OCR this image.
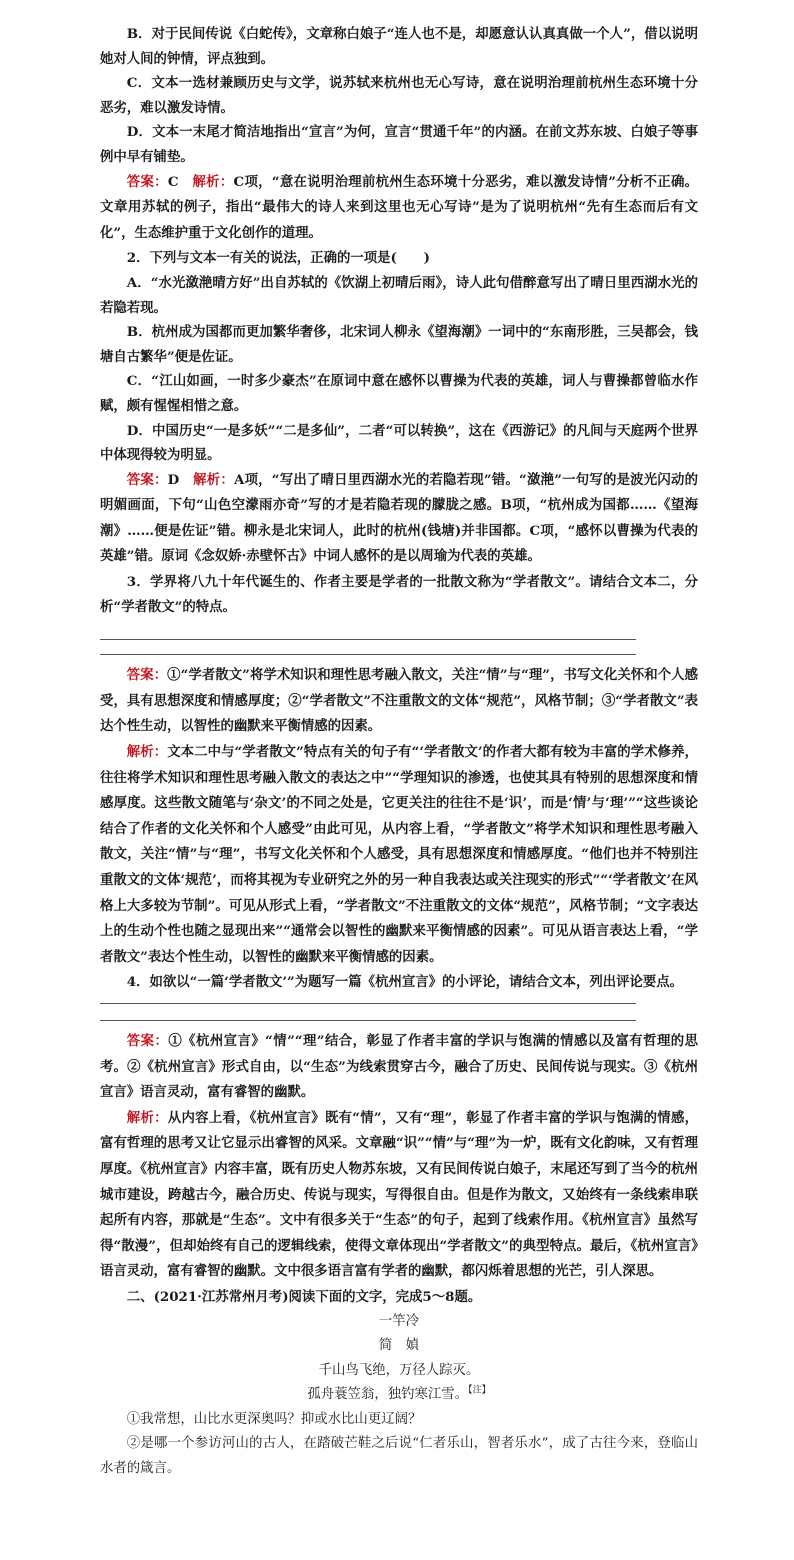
B．对于民间传说《白蛇传》，文章称白娘子“连人也不是，却愿意认认真真做一个人”，借以说明她对人间的钟情，评点独到。

C．文本一选材兼顾历史与文学，说苏轼来杭州也无心写诗，意在说明治理前杭州生态环境十分恶劣，难以激发诗情。

D．文本一末尾才简洁地指出“宣言”为何，宣言“贯通千年”的内涵。在前文苏东坡、白娘子等事例中早有铺垫。

答案：C　 解析：C项，“意在说明治理前杭州生态环境十分恶劣，难以激发诗情”分析不正确。文章用苏轼的例子，指出“最伟大的诗人来到这里也无心写诗”是为了说明杭州“先有生态而后有文化”，生态维护重于文化创作的道理。

2．下列与文本一有关的说法，正确的一项是(　　)

A．“水光潋滟晴方好”出自苏轼的《饮湖上初晴后雨》，诗人此句借醉意写出了晴日里西湖水光的若隐若现。

B．杭州成为国都而更加繁华奢侈，北宋词人柳永《望海潮》一词中的“东南形胜，三吴都会，钱塘自古繁华”便是佐证。

C．“江山如画，一时多少豪杰”在原词中意在感怀以曹操为代表的英雄，词人与曹操都曾临水作赋，颇有惺惺相惜之意。

D．中国历史“一是多妖”“二是多仙”，二者“可以转换”，这在《西游记》的凡间与天庭两个世界中体现得较为明显。

答案：D　 解析：A项，“写出了晴日里西湖水光的若隐若现”错。“潋滟”一句写的是波光闪动的明媚画面，下句“山色空濛雨亦奇”写的才是若隐若现的朦胧之感。B项，“杭州成为国都……《望海潮》……便是佐证”错。柳永是北宋词人，此时的杭州(钱塘)并非国都。C项，“感怀以曹操为代表的英雄”错。原词《念奴娇·赤壁怀古》中词人感怀的是以周瑜为代表的英雄。

3．学界将八九十年代诞生的、作者主要是学者的一批散文称为“学者散文”。请结合文本二，分析“学者散文”的特点。

答案：①“学者散文”将学术知识和理性思考融入散文，关注“情”与“理”，书写文化关怀和个人感受，具有思想深度和情感厚度；②“学者散文”不注重散文的文体“规范”，风格节制；③“学者散文”表达个性生动，以智性的幽默来平衡情感的因素。

解析：文本二中与“学者散文”特点有关的句子有“‘学者散文’的作者大都有较为丰富的学术修养，往往将学术知识和理性思考融入散文的表达之中”“学理知识的渗透，也使其具有特别的思想深度和情感厚度。这些散文随笔与‘杂文’的不同之处是，它更关注的往往不是‘识’，而是‘情’与‘理’”“这些谈论结合了作者的文化关怀和个人感受”由此可见，从内容上看，“学者散文”将学术知识和理性思考融入散文，关注“情”与“理”，书写文化关怀和个人感受，具有思想深度和情感厚度。“他们也并不特别注重散文的文体‘规范’，而将其视为专业研究之外的另一种自我表达或关注现实的形式”“‘学者散文’在风格上大多较为节制”。可见从形式上看，“学者散文”不注重散文的文体“规范”，风格节制；“文字表达上的生动个性也随之显现出来”“通常会以智性的幽默来平衡情感的因素”。可见从语言表达上看，“学者散文”表达个性生动，以智性的幽默来平衡情感的因素。

4．如欲以“一篇‘学者散文’”为题写一篇《杭州宣言》的小评论，请结合文本，列出评论要点。

答案：①《杭州宣言》“情”“理”结合，彰显了作者丰富的学识与饱满的情感以及富有哲理的思考。②《杭州宣言》形式自由，以“生态”为线索贯穿古今，融合了历史、民间传说与现实。③《杭州宣言》语言灵动，富有睿智的幽默。

解析：从内容上看，《杭州宣言》既有“情”，又有“理”，彰显了作者丰富的学识与饱满的情感，富有哲理的思考又让它显示出睿智的风采。文章融“识”“情”与“理”为一炉，既有文化韵味，又有哲理厚度。《杭州宣言》内容丰富，既有历史人物苏东坡，又有民间传说白娘子，末尾还写到了当今的杭州城市建设，跨越古今，融合历史、传说与现实，写得很自由。但是作为散文，又始终有一条线索串联起所有内容，那就是“生态”。文中有很多关于“生态”的句子，起到了线索作用。《杭州宣言》虽然写得“散漫”，但却始终有自己的逻辑线索，使得文章体现出“学者散文”的典型特点。最后，《杭州宣言》语言灵动，富有睿智的幽默。文中很多语言富有学者的幽默，都闪烁着思想的光芒，引人深思。

二、(2021·江苏常州月考)阅读下面的文字，完成5～8题。

一竿冷

简　媜

千山鸟飞绝，万径人踪灭。

孤舟蓑笠翁，独钓寒江雪。$^{【注】}$

①我常想，山比水更深奥吗？抑或水比山更辽阔？

②是哪一个参访河山的古人，在踏破芒鞋之后说“仁者乐山，智者乐水”，成了古往今来，登临山水者的箴言。
